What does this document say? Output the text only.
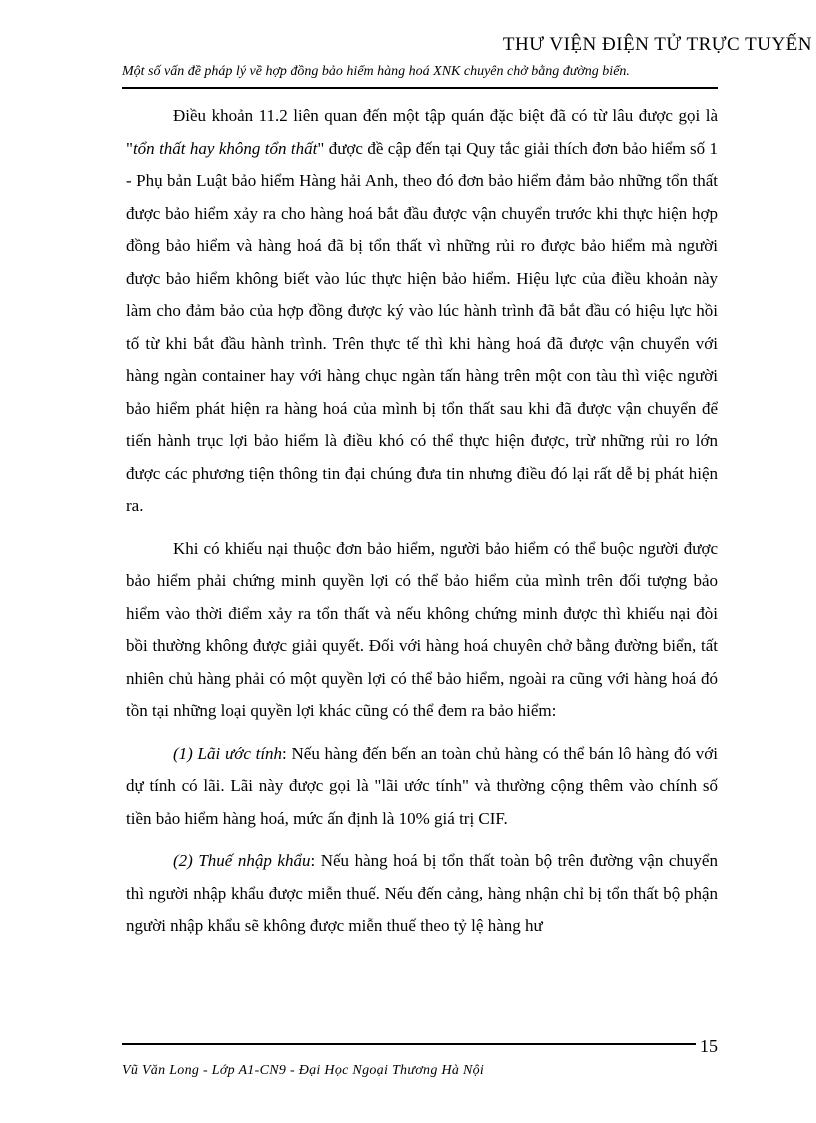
THƯ VIỆN ĐIỆN TỬ TRỰC TUYẾN
Một số vấn đề pháp lý về hợp đồng bảo hiểm hàng hoá XNK chuyên chở bằng đường biển.

Điều khoản 11.2 liên quan đến một tập quán đặc biệt đã có từ lâu được gọi là "tổn thất hay không tổn thất" được đề cập đến tại Quy tắc giải thích đơn bảo hiểm số 1 - Phụ bản Luật bảo hiểm Hàng hải Anh, theo đó đơn bảo hiểm đảm bảo những tổn thất được bảo hiểm xảy ra cho hàng hoá bắt đầu được vận chuyển trước khi thực hiện hợp đồng bảo hiểm và hàng hoá đã bị tổn thất vì những rủi ro được bảo hiểm mà người được bảo hiểm không biết vào lúc thực hiện bảo hiểm. Hiệu lực của điều khoản này làm cho đảm bảo của hợp đồng được ký vào lúc hành trình đã bắt đầu có hiệu lực hồi tố từ khi bắt đầu hành trình. Trên thực tế thì khi hàng hoá đã được vận chuyển với hàng ngàn container hay với hàng chục ngàn tấn hàng trên một con tàu thì việc người bảo hiểm phát hiện ra hàng hoá của mình bị tổn thất sau khi đã được vận chuyển để tiến hành trục lợi bảo hiểm là điều khó có thể thực hiện được, trừ những rủi ro lớn được các phương tiện thông tin đại chúng đưa tin nhưng điều đó lại rất dễ bị phát hiện ra.

Khi có khiếu nại thuộc đơn bảo hiểm, người bảo hiểm có thể buộc người được bảo hiểm phải chứng minh quyền lợi có thể bảo hiểm của mình trên đối tượng bảo hiểm vào thời điểm xảy ra tổn thất và nếu không chứng minh được thì khiếu nại đòi bồi thường không được giải quyết. Đối với hàng hoá chuyên chở bằng đường biển, tất nhiên chủ hàng phải có một quyền lợi có thể bảo hiểm, ngoài ra cũng với hàng hoá đó tồn tại những loại quyền lợi khác cũng có thể đem ra bảo hiểm:

(1) Lãi ước tính: Nếu hàng đến bến an toàn chủ hàng có thể bán lô hàng đó với dự tính có lãi. Lãi này được gọi là "lãi ước tính" và thường cộng thêm vào chính số tiền bảo hiểm hàng hoá, mức ấn định là 10% giá trị CIF.

(2) Thuế nhập khẩu: Nếu hàng hoá bị tổn thất toàn bộ trên đường vận chuyển thì người nhập khẩu được miễn thuế. Nếu đến cảng, hàng nhận chỉ bị tổn thất bộ phận người nhập khẩu sẽ không được miễn thuế theo tỷ lệ hàng hư

15
Vũ Văn Long - Lớp A1-CN9 - Đại Học Ngoại Thương Hà Nội
